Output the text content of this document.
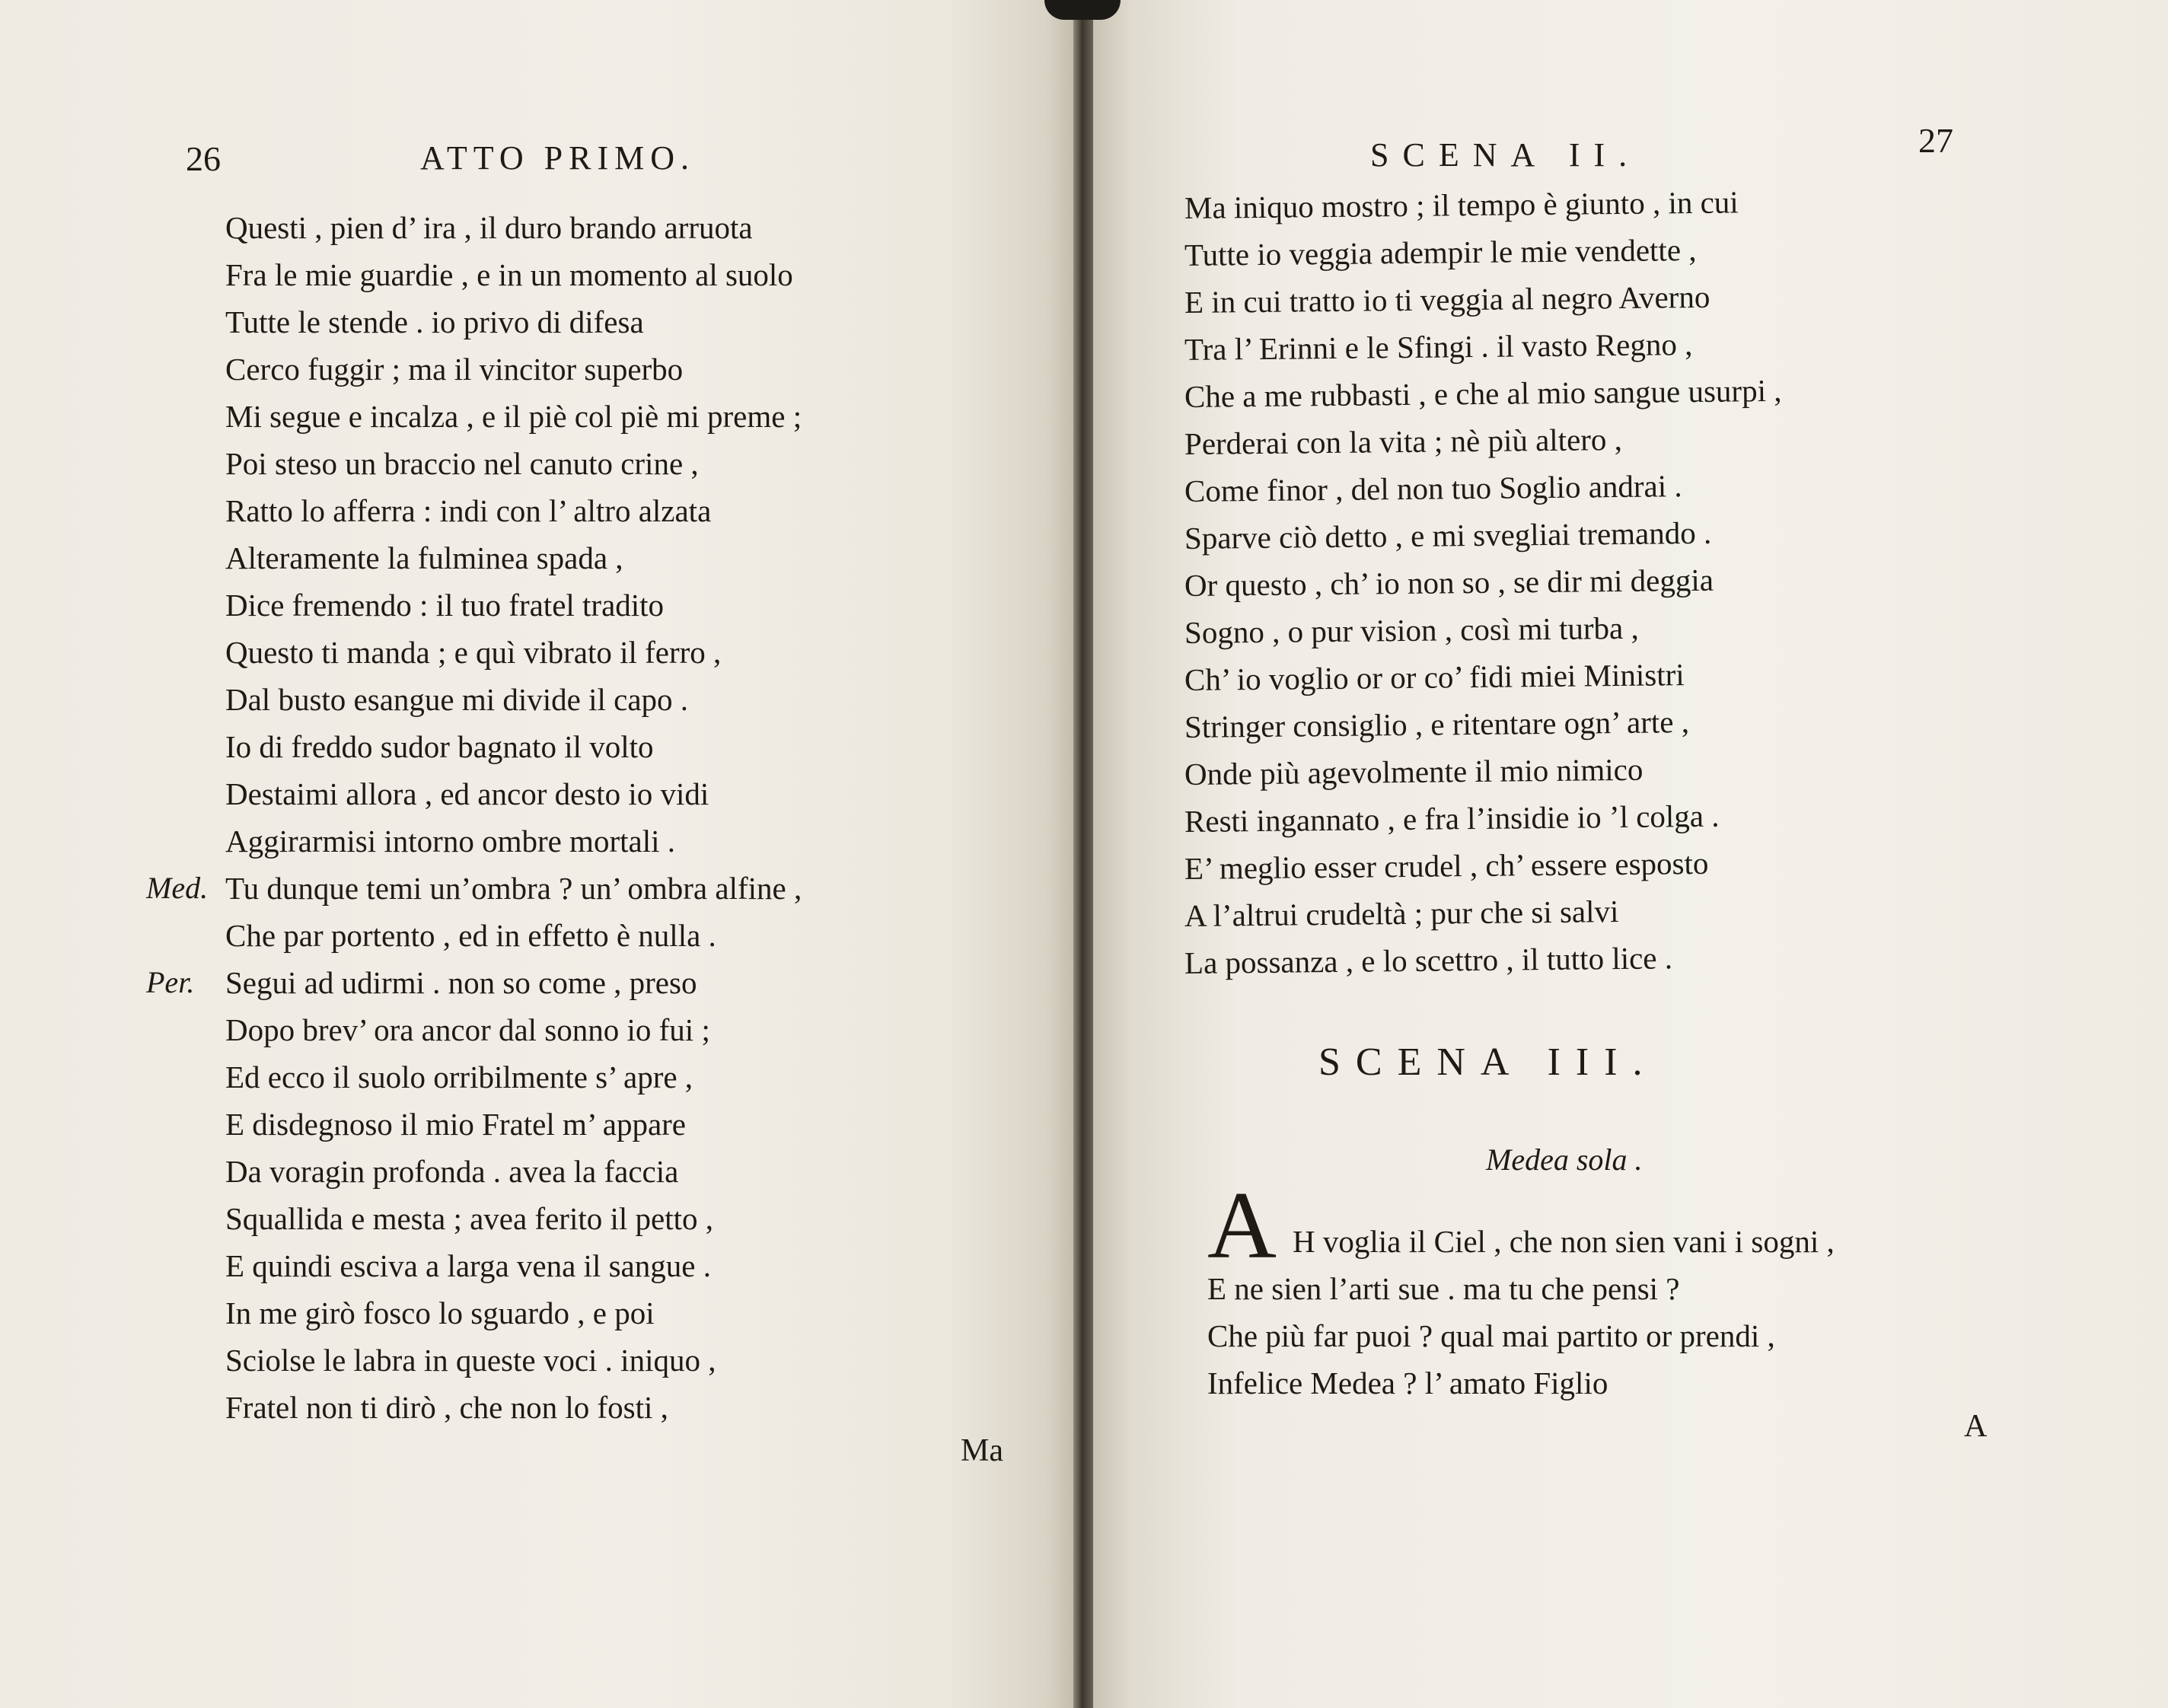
26	ATTO PRIMO.
Questi , pien d’ ira , il duro brando arruota
Fra le mie guardie , e in un momento al suolo
Tutte le stende . io privo di difesa
Cerco fuggir ; ma il vincitor superbo
Mi segue e incalza , e il piè col piè mi preme ;
Poi steso un braccio nel canuto crine ,
Ratto lo afferra : indi con l’ altro alzata
Alteramente la fulminea spada ,
Dice fremendo : il tuo fratel tradito
Questo ti manda ; e quì vibrato il ferro ,
Dal busto esangue mi divide il capo .
Io di freddo sudor bagnato il volto
Destaimi allora , ed ancor desto io vidi
Aggirarmisi intorno ombre mortali .
Med. Tu dunque temi un’ombra ? un’ ombra alfine ,
Che par portento , ed in effetto è nulla .
Per. Segui ad udirmi . non so come , preso
Dopo brev’ ora ancor dal sonno io fui ;
Ed ecco il suolo orribilmente s’ apre ,
E disdegnoso il mio Fratel m’ appare
Da voragin profonda . avea la faccia
Squallida e mesta ; avea ferito il petto ,
E quindi esciva a larga vena il sangue .
In me girò fosco lo sguardo , e poi
Sciolse le labra in queste voci . iniquo ,
Fratel non ti dirò , che non lo fosti ,
Ma
SCENA II.	27
Ma iniquo mostro ; il tempo è giunto , in cui
Tutte io veggia adempir le mie vendette ,
E in cui tratto io ti veggia al negro Averno
Tra l’ Erinni e le Sfingi . il vasto Regno ,
Che a me rubbasti , e che al mio sangue usurpi ,
Perderai con la vita ; nè più altero ,
Come finor , del non tuo Soglio andrai .
Sparve ciò detto , e mi svegliai tremando .
Or questo , ch’ io non so , se dir mi deggia
Sogno , o pur vision , così mi turba ,
Ch’ io voglio or or co’ fidi miei Ministri
Stringer consiglio , e ritentare ogn’ arte ,
Onde più agevolmente il mio nimico
Resti ingannato , e fra l’insidie io ’l colga .
E’ meglio esser crudel , ch’ essere esposto
A l’altrui crudeltà ; pur che si salvi
La possanza , e lo scettro , il tutto lice .
SCENA III.
Medea sola .
A H voglia il Ciel , che non sien vani i sogni ,
E ne sien l’arti sue . ma tu che pensi ?
Che più far puoi ? qual mai partito or prendi ,
Infelice Medea ? l’ amato Figlio
A
